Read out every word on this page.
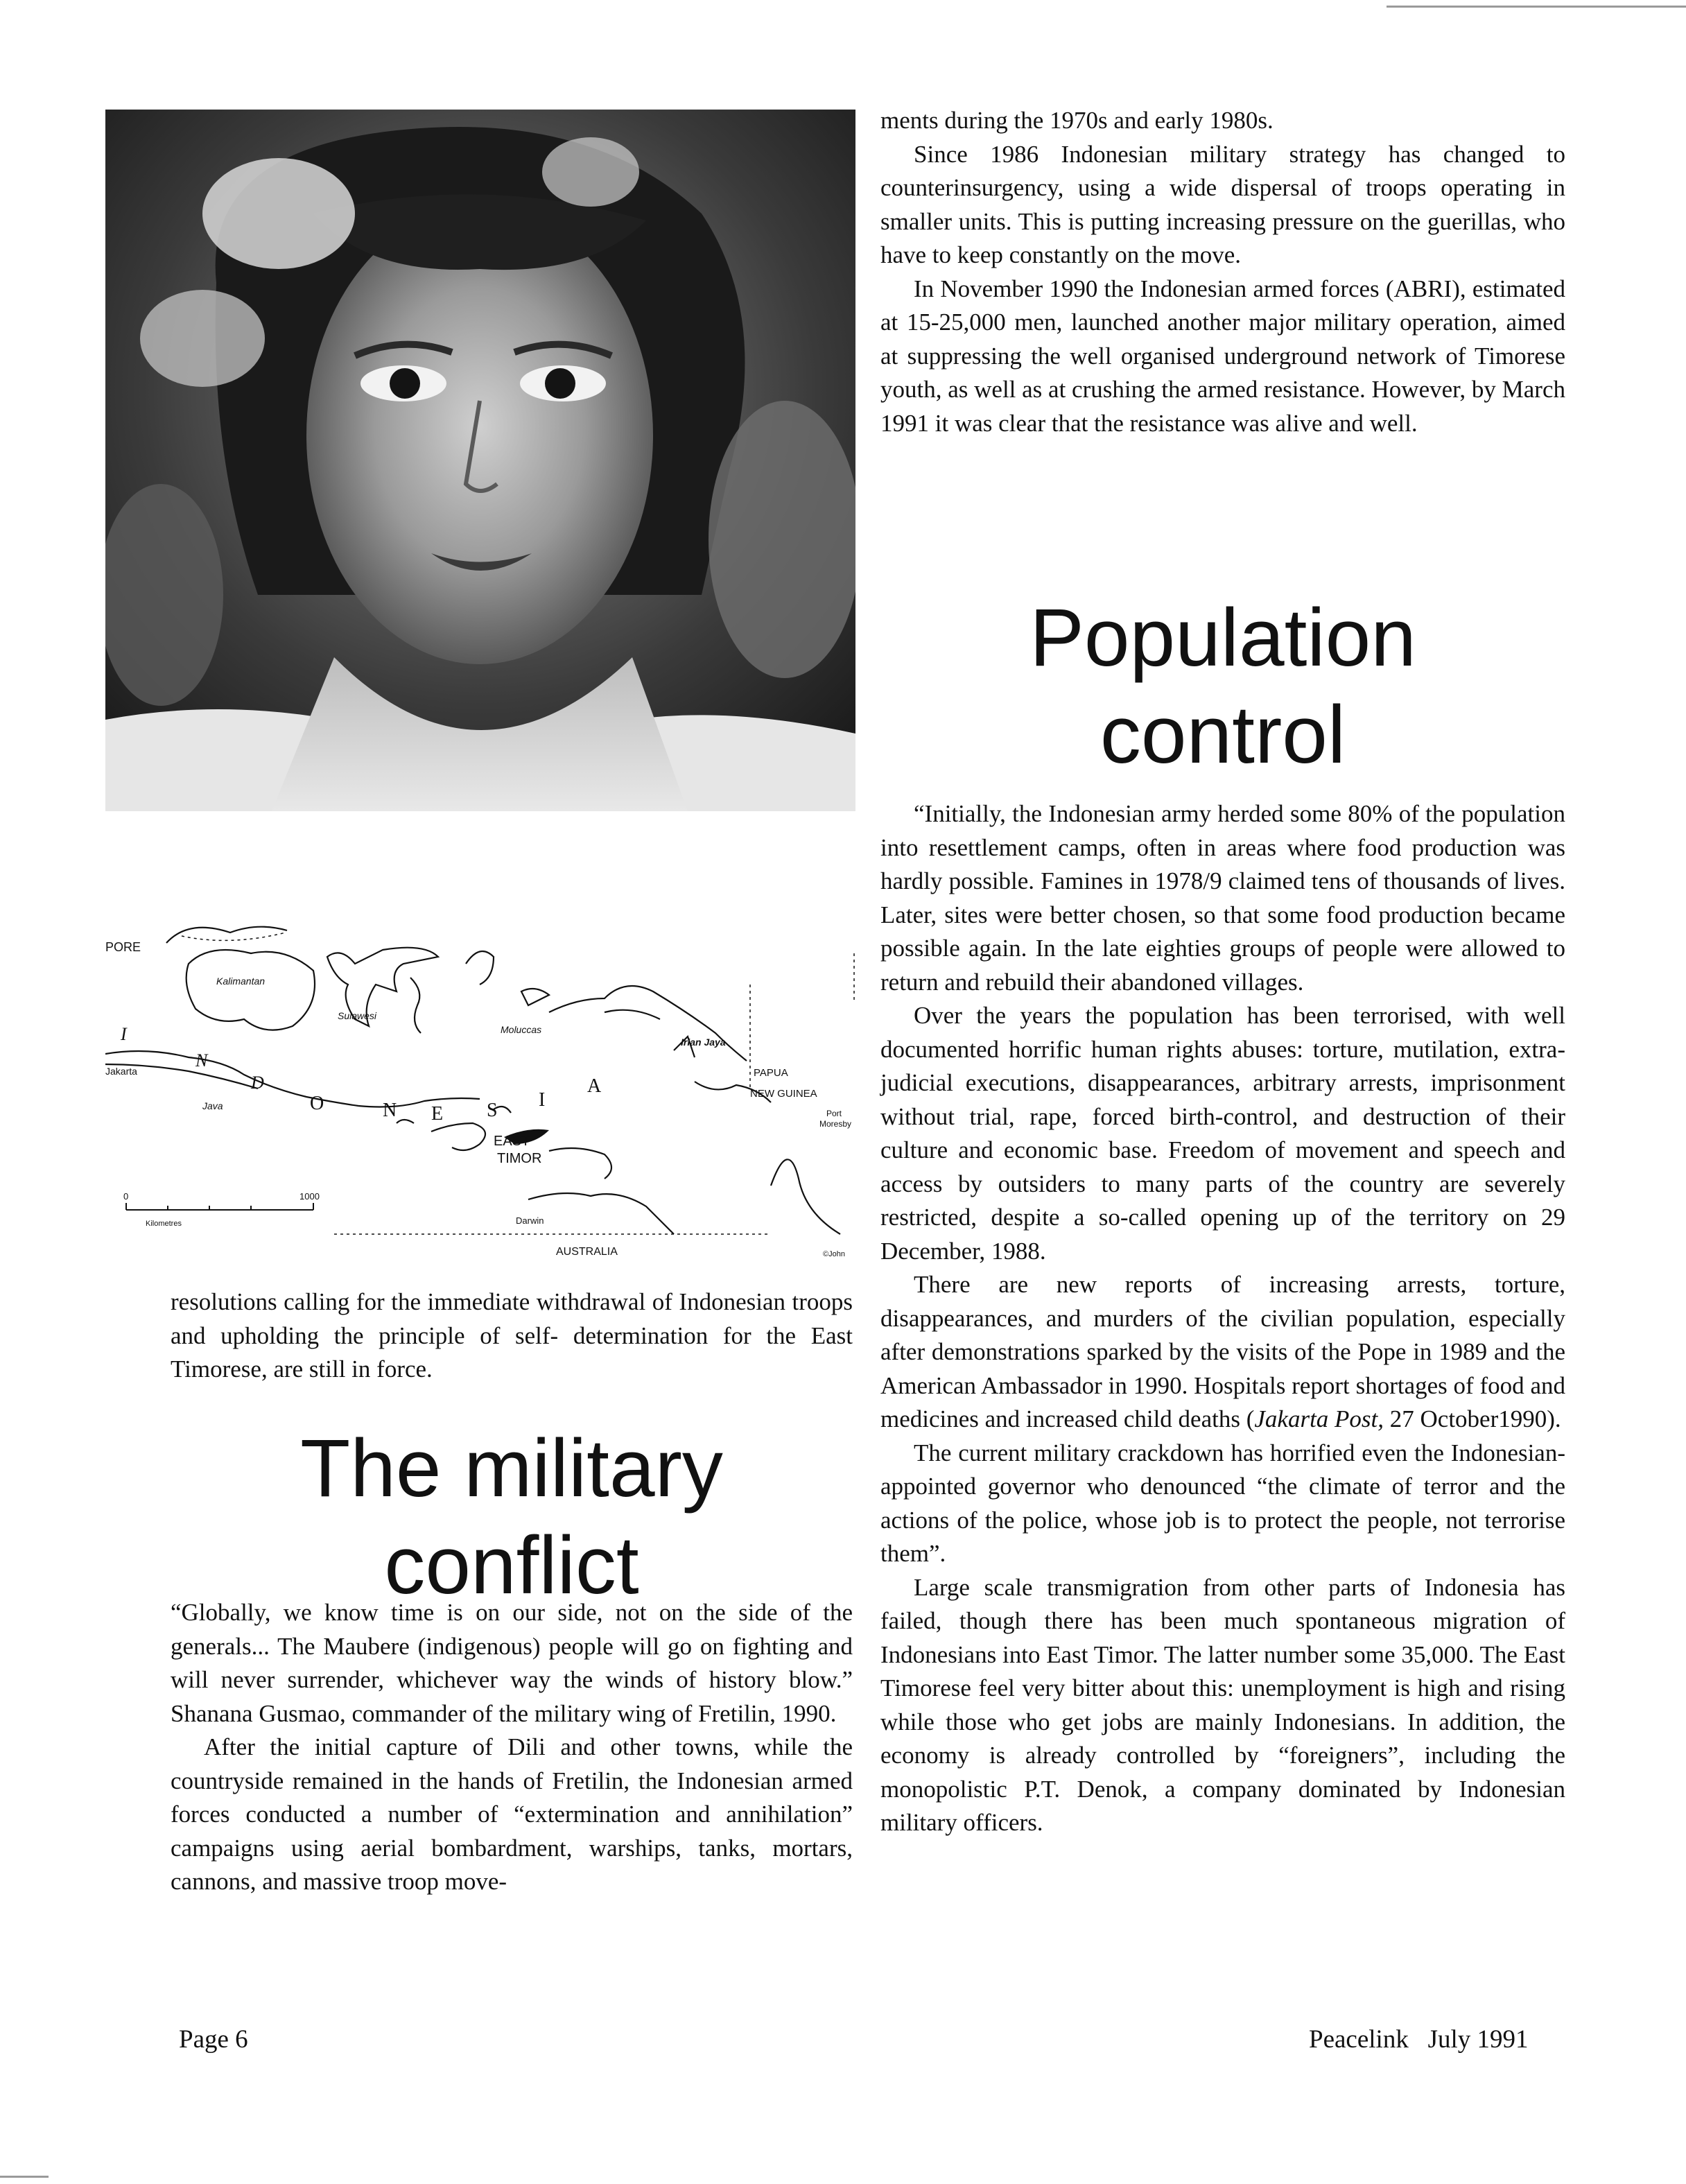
PORE
Kalimantan
Sulawesi
Moluccas
Irian Jaya
Jakarta
Java
PAPUA
NEW GUINEA
Port
Moresby
EAST
TIMOR
Darwin
AUSTRALIA	©John
I
N
D
O	N E S I
A
0	1000
Kilometres

resolutions calling for the immediate withdrawal of Indonesian troops and upholding the principle of self- determination for the East Timorese, are still in force.

The military
conflict

“Globally, we know time is on our side, not on the side of the generals... The Maubere (indigenous) people will go on fighting and will never surrender, whichever way the winds of history blow.” Shanana Gusmao, commander of the military wing of Fretilin, 1990.

After the initial capture of Dili and other towns, while the countryside remained in the hands of Fretilin, the Indonesian armed forces conducted a number of “extermination and annihilation” campaigns using aerial bombardment, warships, tanks, mortars, cannons, and massive troop move-

ments during the 1970s and early 1980s.

Since 1986 Indonesian military strategy has changed to counterinsurgency, using a wide dispersal of troops operating in smaller units. This is putting increasing pressure on the guerillas, who have to keep constantly on the move.

In November 1990 the Indonesian armed forces (ABRI), estimated at 15-25,000 men, launched another major military operation, aimed at suppressing the well organised underground network of Timorese youth, as well as at crushing the armed resistance. However, by March 1991 it was clear that the resistance was alive and well.

Population
control

“Initially, the Indonesian army herded some 80% of the population into resettlement camps, often in areas where food production was hardly possible. Famines in 1978/9 claimed tens of thousands of lives. Later, sites were better chosen, so that some food production became possible again. In the late eighties groups of people were allowed to return and rebuild their abandoned villages.

Over the years the population has been terrorised, with well documented horrific human rights abuses: torture, mutilation, extra-judicial executions, disappearances, arbitrary arrests, imprisonment without trial, rape, forced birth-control, and destruction of their culture and economic base. Freedom of movement and speech and access by outsiders to many parts of the country are severely restricted, despite a so-called opening up of the territory on 29 December, 1988.

There are new reports of increasing arrests, torture, disappearances, and murders of the civilian population, especially after demonstrations sparked by the visits of the Pope in 1989 and the American Ambassador in 1990. Hospitals report shortages of food and medicines and increased child deaths (Jakarta Post, 27 October1990).

The current military crackdown has horrified even the Indonesian- appointed governor who denounced “the climate of terror and the actions of the police, whose job is to protect the people, not terrorise them”.

Large scale transmigration from other parts of Indonesia has failed, though there has been much spontaneous migration of Indonesians into East Timor. The latter number some 35,000. The East Timorese feel very bitter about this: unemployment is high and rising while those who get jobs are mainly Indonesians. In addition, the economy is already controlled by “foreigners”, including the monopolistic P.T. Denok, a company dominated by Indonesian military officers.

Page 6	Peacelink   July 1991
